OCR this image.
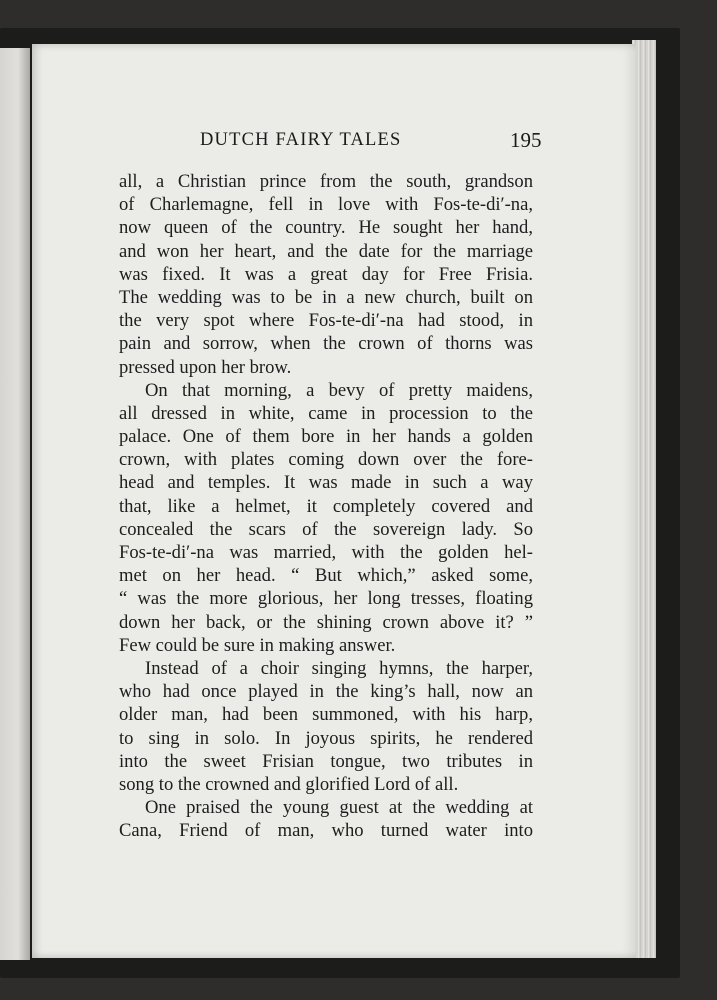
DUTCH FAIRY TALES	195
all, a Christian prince from the south, grandson
of Charlemagne, fell in love with Fos-te-di′-na,
now queen of the country. He sought her hand,
and won her heart, and the date for the marriage
was fixed. It was a great day for Free Frisia.
The wedding was to be in a new church, built on
the very spot where Fos-te-di′-na had stood, in
pain and sorrow, when the crown of thorns was
pressed upon her brow.
On that morning, a bevy of pretty maidens,
all dressed in white, came in procession to the
palace. One of them bore in her hands a golden
crown, with plates coming down over the fore-
head and temples. It was made in such a way
that, like a helmet, it completely covered and
concealed the scars of the sovereign lady. So
Fos-te-di′-na was married, with the golden hel-
met on her head. “ But which,” asked some,
“ was the more glorious, her long tresses, floating
down her back, or the shining crown above it? ”
Few could be sure in making answer.
Instead of a choir singing hymns, the harper,
who had once played in the king’s hall, now an
older man, had been summoned, with his harp,
to sing in solo. In joyous spirits, he rendered
into the sweet Frisian tongue, two tributes in
song to the crowned and glorified Lord of all.
One praised the young guest at the wedding at
Cana, Friend of man, who turned water into
